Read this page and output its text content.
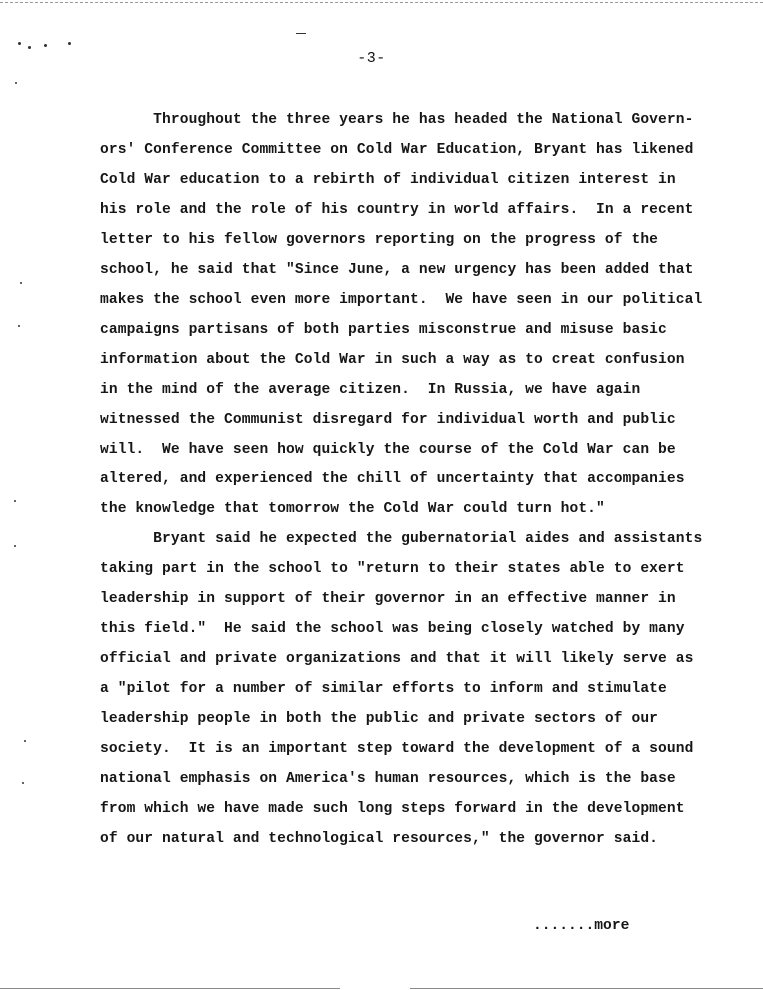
-3-
Throughout the three years he has headed the National Govern-
ors' Conference Committee on Cold War Education, Bryant has likened
Cold War education to a rebirth of individual citizen interest in
his role and the role of his country in world affairs.  In a recent
letter to his fellow governors reporting on the progress of the
school, he said that "Since June, a new urgency has been added that
makes the school even more important.  We have seen in our political
campaigns partisans of both parties misconstrue and misuse basic
information about the Cold War in such a way as to creat confusion
in the mind of the average citizen.  In Russia, we have again
witnessed the Communist disregard for individual worth and public
will.  We have seen how quickly the course of the Cold War can be
altered, and experienced the chill of uncertainty that accompanies
the knowledge that tomorrow the Cold War could turn hot."
Bryant said he expected the gubernatorial aides and assistants
taking part in the school to "return to their states able to exert
leadership in support of their governor in an effective manner in
this field."  He said the school was being closely watched by many
official and private organizations and that it will likely serve as
a "pilot for a number of similar efforts to inform and stimulate
leadership people in both the public and private sectors of our
society.  It is an important step toward the development of a sound
national emphasis on America's human resources, which is the base
from which we have made such long steps forward in the development
of our natural and technological resources," the governor said.
.......more
